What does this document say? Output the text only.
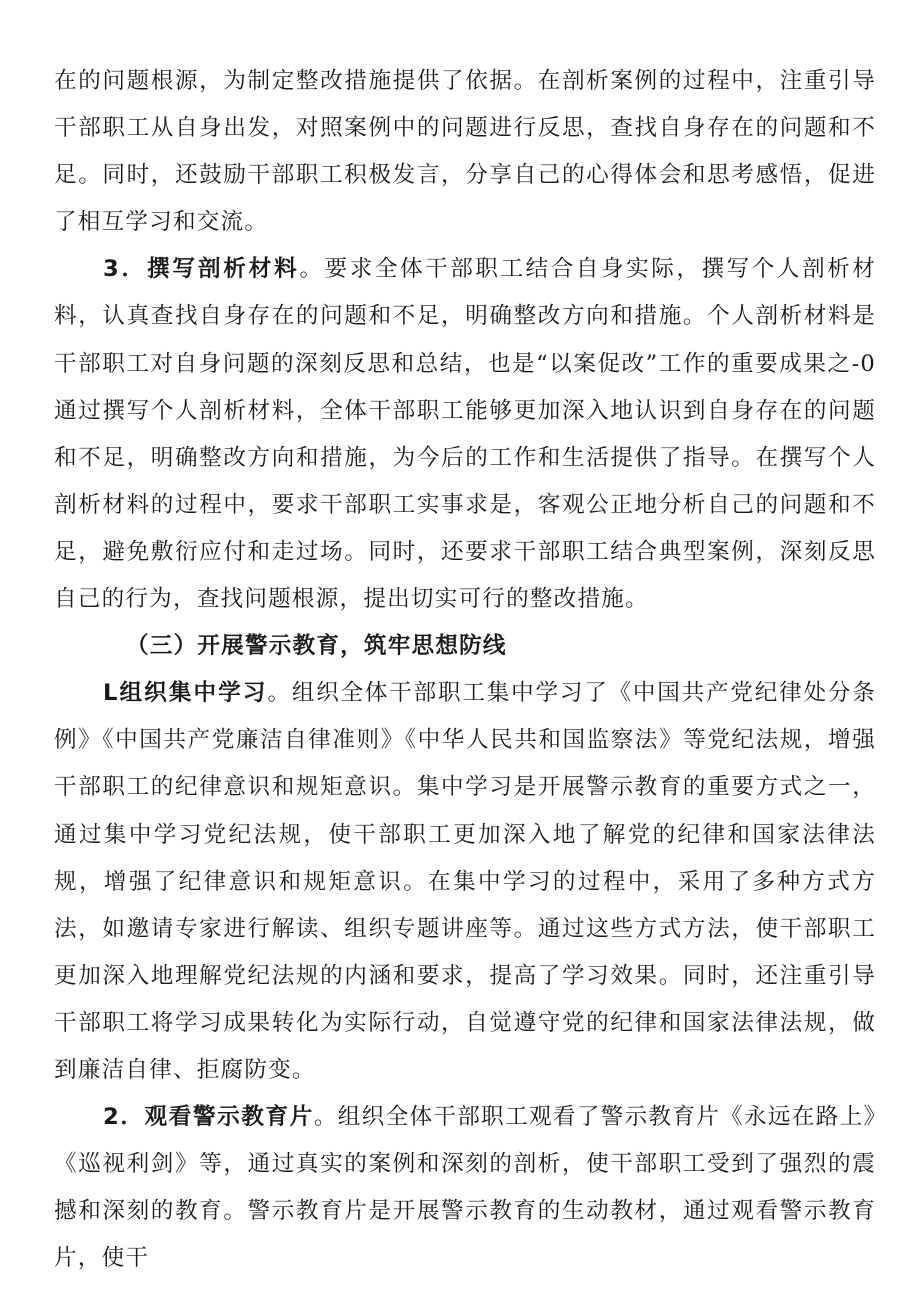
在的问题根源，为制定整改措施提供了依据。在剖析案例的过程中，注重引导干部职工从自身出发，对照案例中的问题进行反思，查找自身存在的问题和不足。同时，还鼓励干部职工积极发言，分享自己的心得体会和思考感悟，促进了相互学习和交流。

3．撰写剖析材料。要求全体干部职工结合自身实际，撰写个人剖析材料，认真查找自身存在的问题和不足，明确整改方向和措施。个人剖析材料是干部职工对自身问题的深刻反思和总结，也是“以案促改”工作的重要成果之-0通过撰写个人剖析材料，全体干部职工能够更加深入地认识到自身存在的问题和不足，明确整改方向和措施，为今后的工作和生活提供了指导。在撰写个人剖析材料的过程中，要求干部职工实事求是，客观公正地分析自己的问题和不足，避免敷衍应付和走过场。同时，还要求干部职工结合典型案例，深刻反思自己的行为，查找问题根源，提出切实可行的整改措施。

（三）开展警示教育，筑牢思想防线

L组织集中学习。组织全体干部职工集中学习了《中国共产党纪律处分条例》《中国共产党廉洁自律准则》《中华人民共和国监察法》等党纪法规，增强干部职工的纪律意识和规矩意识。集中学习是开展警示教育的重要方式之一，通过集中学习党纪法规，使干部职工更加深入地了解党的纪律和国家法律法规，增强了纪律意识和规矩意识。在集中学习的过程中，采用了多种方式方法，如邀请专家进行解读、组织专题讲座等。通过这些方式方法，使干部职工更加深入地理解党纪法规的内涵和要求，提高了学习效果。同时，还注重引导干部职工将学习成果转化为实际行动，自觉遵守党的纪律和国家法律法规，做到廉洁自律、拒腐防变。

2．观看警示教育片。组织全体干部职工观看了警示教育片《永远在路上》《巡视利剑》等，通过真实的案例和深刻的剖析，使干部职工受到了强烈的震撼和深刻的教育。警示教育片是开展警示教育的生动教材，通过观看警示教育片，使干
